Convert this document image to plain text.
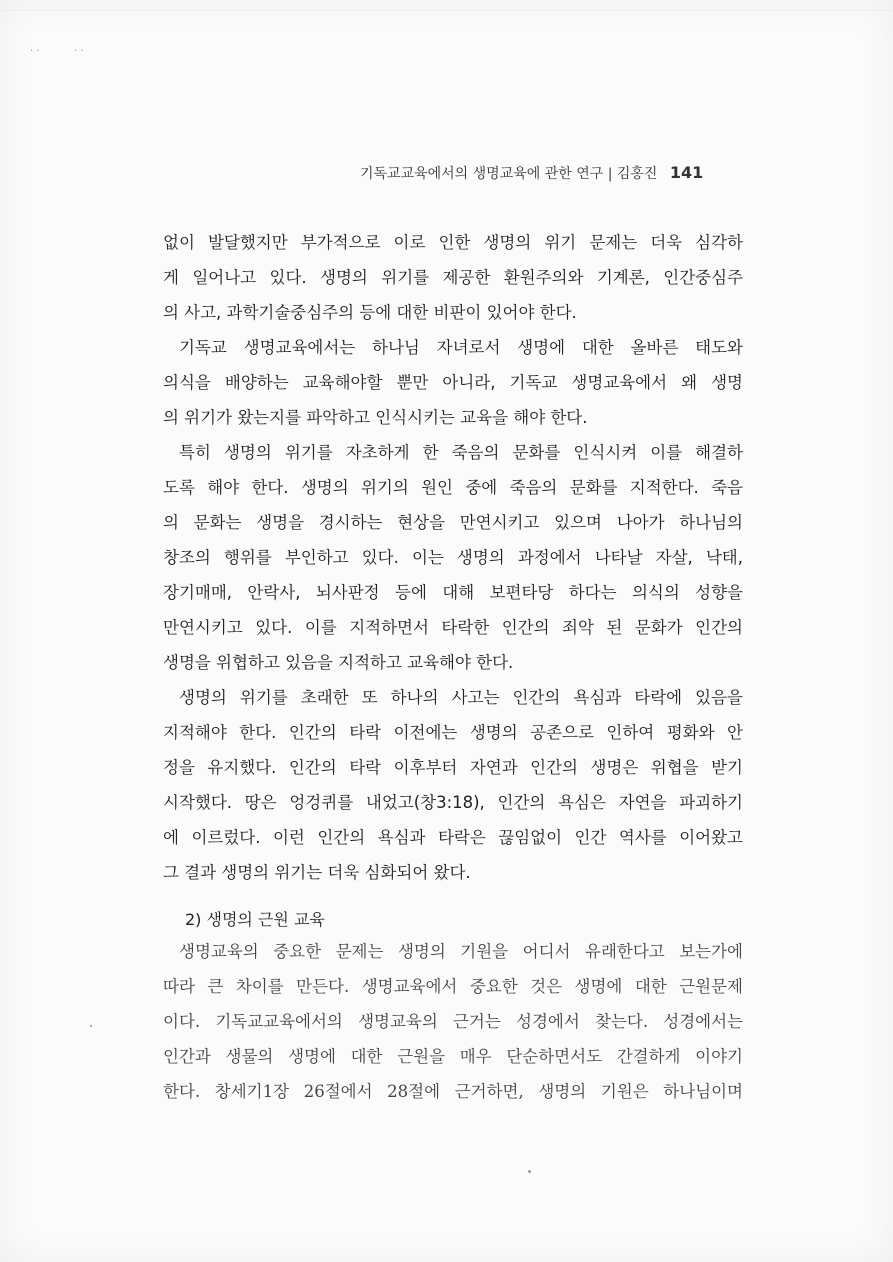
· ·	· ·
기독교교육에서의 생명교육에 관한 연구 | 김홍진 141
없이 발달했지만 부가적으로 이로 인한 생명의 위기 문제는 더욱 심각하
게 일어나고 있다. 생명의 위기를 제공한 환원주의와 기계론, 인간중심주
의 사고, 과학기술중심주의 등에 대한 비판이 있어야 한다.
기독교 생명교육에서는 하나님 자녀로서 생명에 대한 올바른 태도와
의식을 배양하는 교육해야할 뿐만 아니라, 기독교 생명교육에서 왜 생명
의 위기가 왔는지를 파악하고 인식시키는 교육을 해야 한다.
특히 생명의 위기를 자초하게 한 죽음의 문화를 인식시켜 이를 해결하
도록 해야 한다. 생명의 위기의 원인 중에 죽음의 문화를 지적한다. 죽음
의 문화는 생명을 경시하는 현상을 만연시키고 있으며 나아가 하나님의
창조의 행위를 부인하고 있다. 이는 생명의 과정에서 나타날 자살, 낙태,
장기매매, 안락사, 뇌사판정 등에 대해 보편타당 하다는 의식의 성향을
만연시키고 있다. 이를 지적하면서 타락한 인간의 죄악 된 문화가 인간의
생명을 위협하고 있음을 지적하고 교육해야 한다.
생명의 위기를 초래한 또 하나의 사고는 인간의 욕심과 타락에 있음을
지적해야 한다. 인간의 타락 이전에는 생명의 공존으로 인하여 평화와 안
정을 유지했다. 인간의 타락 이후부터 자연과 인간의 생명은 위협을 받기
시작했다. 땅은 엉겅퀴를 내었고(창3:18), 인간의 욕심은 자연을 파괴하기
에 이르렀다. 이런 인간의 욕심과 타락은 끊임없이 인간 역사를 이어왔고
그 결과 생명의 위기는 더욱 심화되어 왔다.
2) 생명의 근원 교육
생명교육의 중요한 문제는 생명의 기원을 어디서 유래한다고 보는가에
따라 큰 차이를 만든다. 생명교육에서 중요한 것은 생명에 대한 근원문제
이다. 기독교교육에서의 생명교육의 근거는 성경에서 찾는다. 성경에서는
인간과 생물의 생명에 대한 근원을 매우 단순하면서도 간결하게 이야기
한다. 창세기1장 26절에서 28절에 근거하면, 생명의 기원은 하나님이며
